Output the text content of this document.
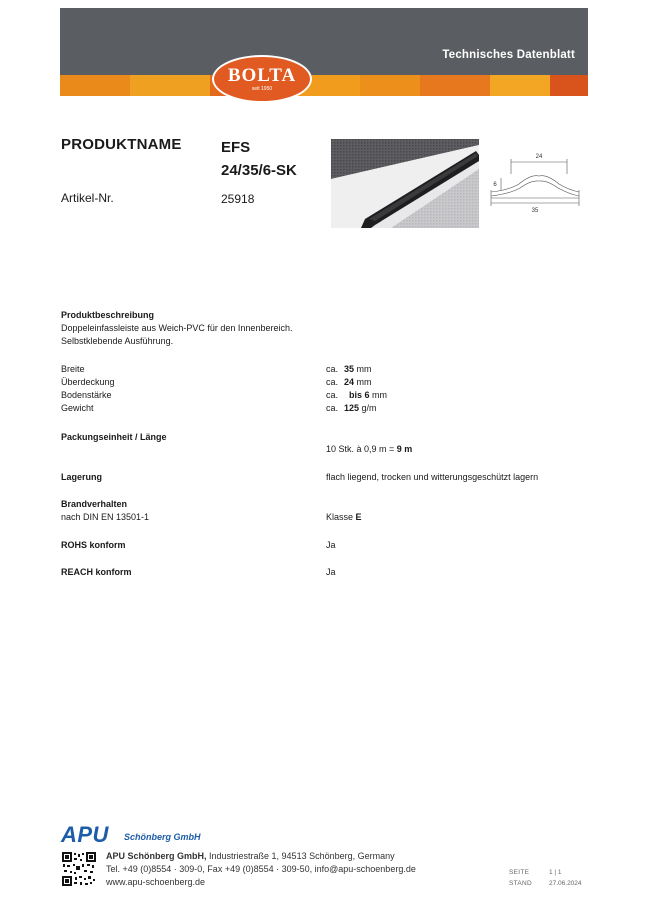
Technisches Datenblatt
BOLTA
seit 1950
PRODUKTNAME	EFS
24/35/6-SK
Artikel-Nr.	25918
24
6
35
Produktbeschreibung
Doppeleinfassleiste aus Weich-PVC für den Innenbereich.
Selbstklebende Ausführung.
Breite	ca. 35 mm
Überdeckung	ca. 24 mm
Bodenstärke	ca. bis 6 mm
Gewicht	ca. 125 g/m
Packungseinheit / Länge
10 Stk. à 0,9 m = 9 m
Lagerung	flach liegend, trocken und witterungsgeschützt lagern
Brandverhalten
nach DIN EN 13501-1	Klasse E
ROHS konform	Ja
REACH konform	Ja
APU Schönberg GmbH
APU Schönberg GmbH, Industriestraße 1, 94513 Schönberg, Germany
Tel. +49 (0)8554 · 309-0, Fax +49 (0)8554 · 309-50, info@apu-schoenberg.de
www.apu-schoenberg.de
SEITE	1 | 1
STAND	27.06.2024
